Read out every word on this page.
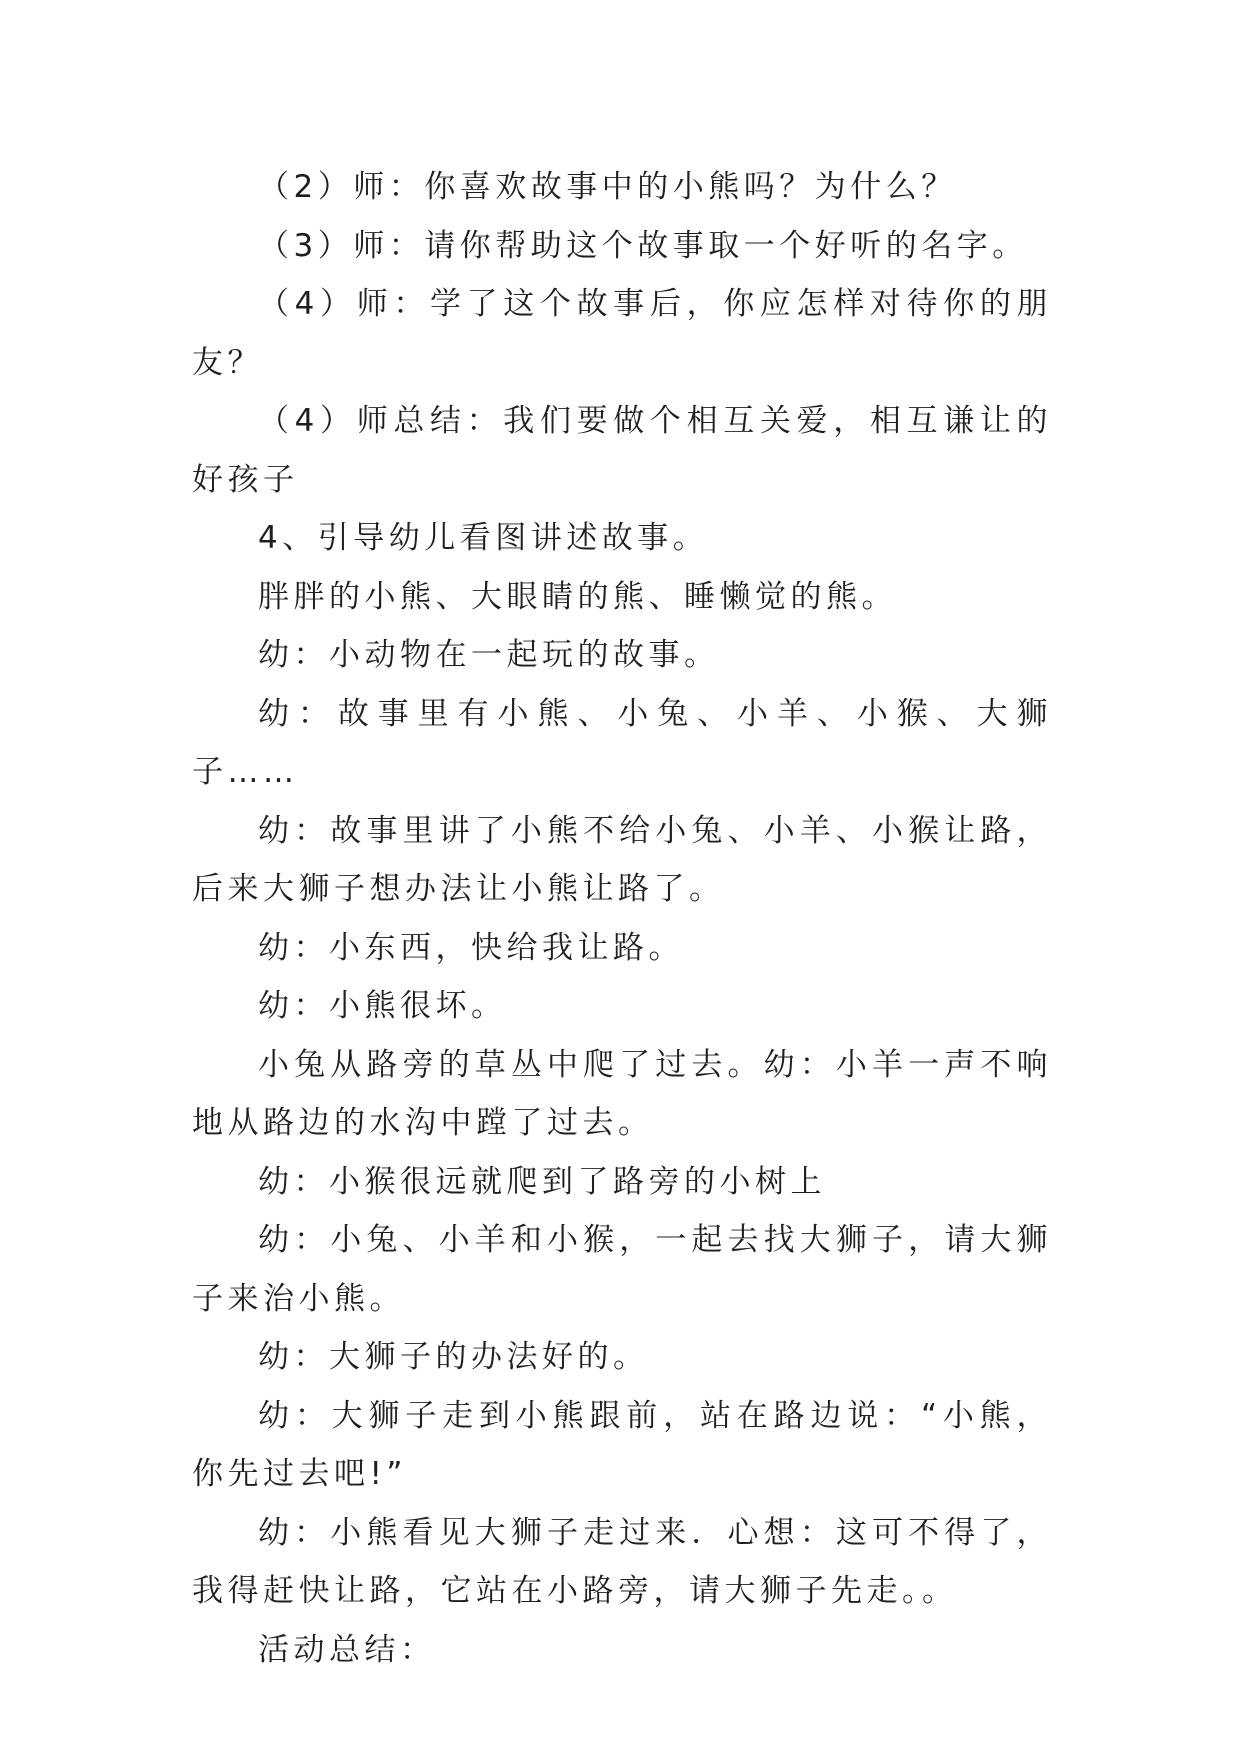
（2）师：你喜欢故事中的小熊吗？为什么？

（3）师：请你帮助这个故事取一个好听的名字。

（4）师：学了这个故事后，你应怎样对待你的朋友？

（4）师总结：我们要做个相互关爱，相互谦让的好孩子

4、引导幼儿看图讲述故事。

胖胖的小熊、大眼睛的熊、睡懒觉的熊。

幼：小动物在一起玩的故事。

幼：故事里有小熊、小兔、小羊、小猴、大狮子……

幼：故事里讲了小熊不给小兔、小羊、小猴让路，后来大狮子想办法让小熊让路了。

幼：小东西，快给我让路。

幼：小熊很坏。

小兔从路旁的草丛中爬了过去。幼：小羊一声不响地从路边的水沟中蹚了过去。

幼：小猴很远就爬到了路旁的小树上

幼：小兔、小羊和小猴，一起去找大狮子，请大狮子来治小熊。

幼：大狮子的办法好的。

幼：大狮子走到小熊跟前，站在路边说：“小熊，你先过去吧!”

幼：小熊看见大狮子走过来．心想：这可不得了，我得赶快让路，它站在小路旁，请大狮子先走。。

活动总结：
